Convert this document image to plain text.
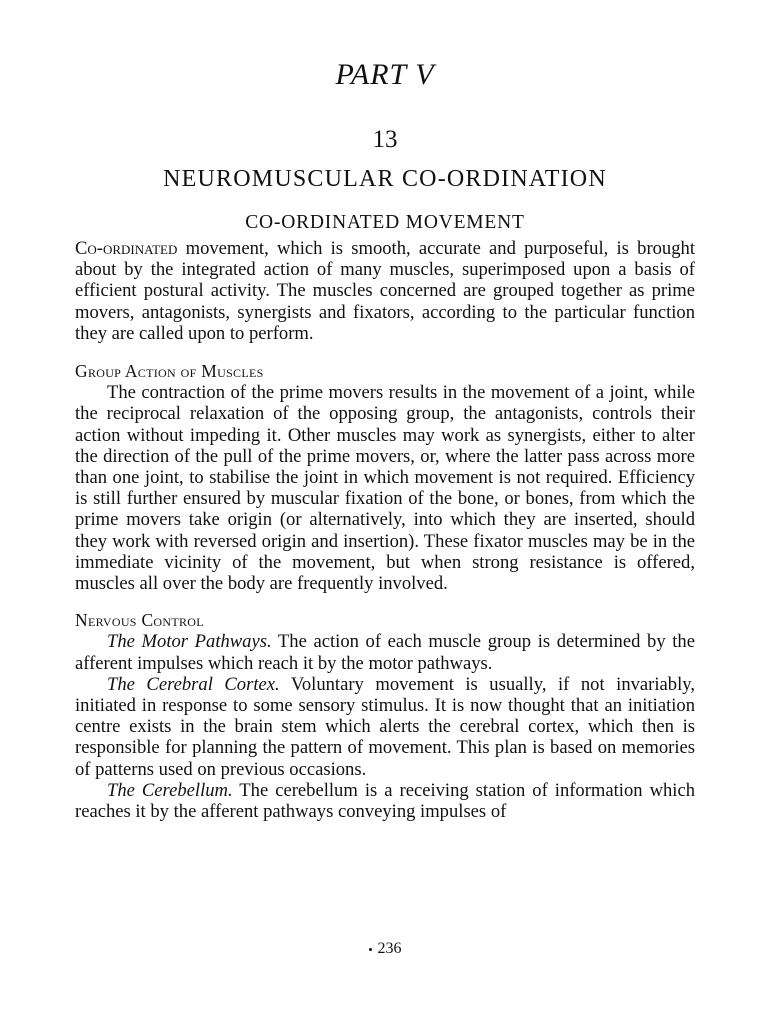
PART V
13
NEUROMUSCULAR CO-ORDINATION
CO-ORDINATED MOVEMENT

Co-ordinated movement, which is smooth, accurate and purposeful, is brought about by the integrated action of many muscles, superimposed upon a basis of efficient postural activity. The muscles concerned are grouped together as prime movers, antagonists, synergists and fixators, according to the particular function they are called upon to perform.

Group Action of Muscles

The contraction of the prime movers results in the movement of a joint, while the reciprocal relaxation of the opposing group, the antagonists, controls their action without impeding it. Other muscles may work as synergists, either to alter the direction of the pull of the prime movers, or, where the latter pass across more than one joint, to stabilise the joint in which movement is not required. Efficiency is still further ensured by muscular fixation of the bone, or bones, from which the prime movers take origin (or alternatively, into which they are inserted, should they work with reversed origin and insertion). These fixator muscles may be in the immediate vicinity of the movement, but when strong resistance is offered, muscles all over the body are frequently involved.

Nervous Control

The Motor Pathways. The action of each muscle group is determined by the afferent impulses which reach it by the motor pathways.

The Cerebral Cortex. Voluntary movement is usually, if not invariably, initiated in response to some sensory stimulus. It is now thought that an initiation centre exists in the brain stem which alerts the cerebral cortex, which then is responsible for planning the pattern of movement. This plan is based on memories of patterns used on previous occasions.

The Cerebellum. The cerebellum is a receiving station of information which reaches it by the afferent pathways conveying impulses of

236
